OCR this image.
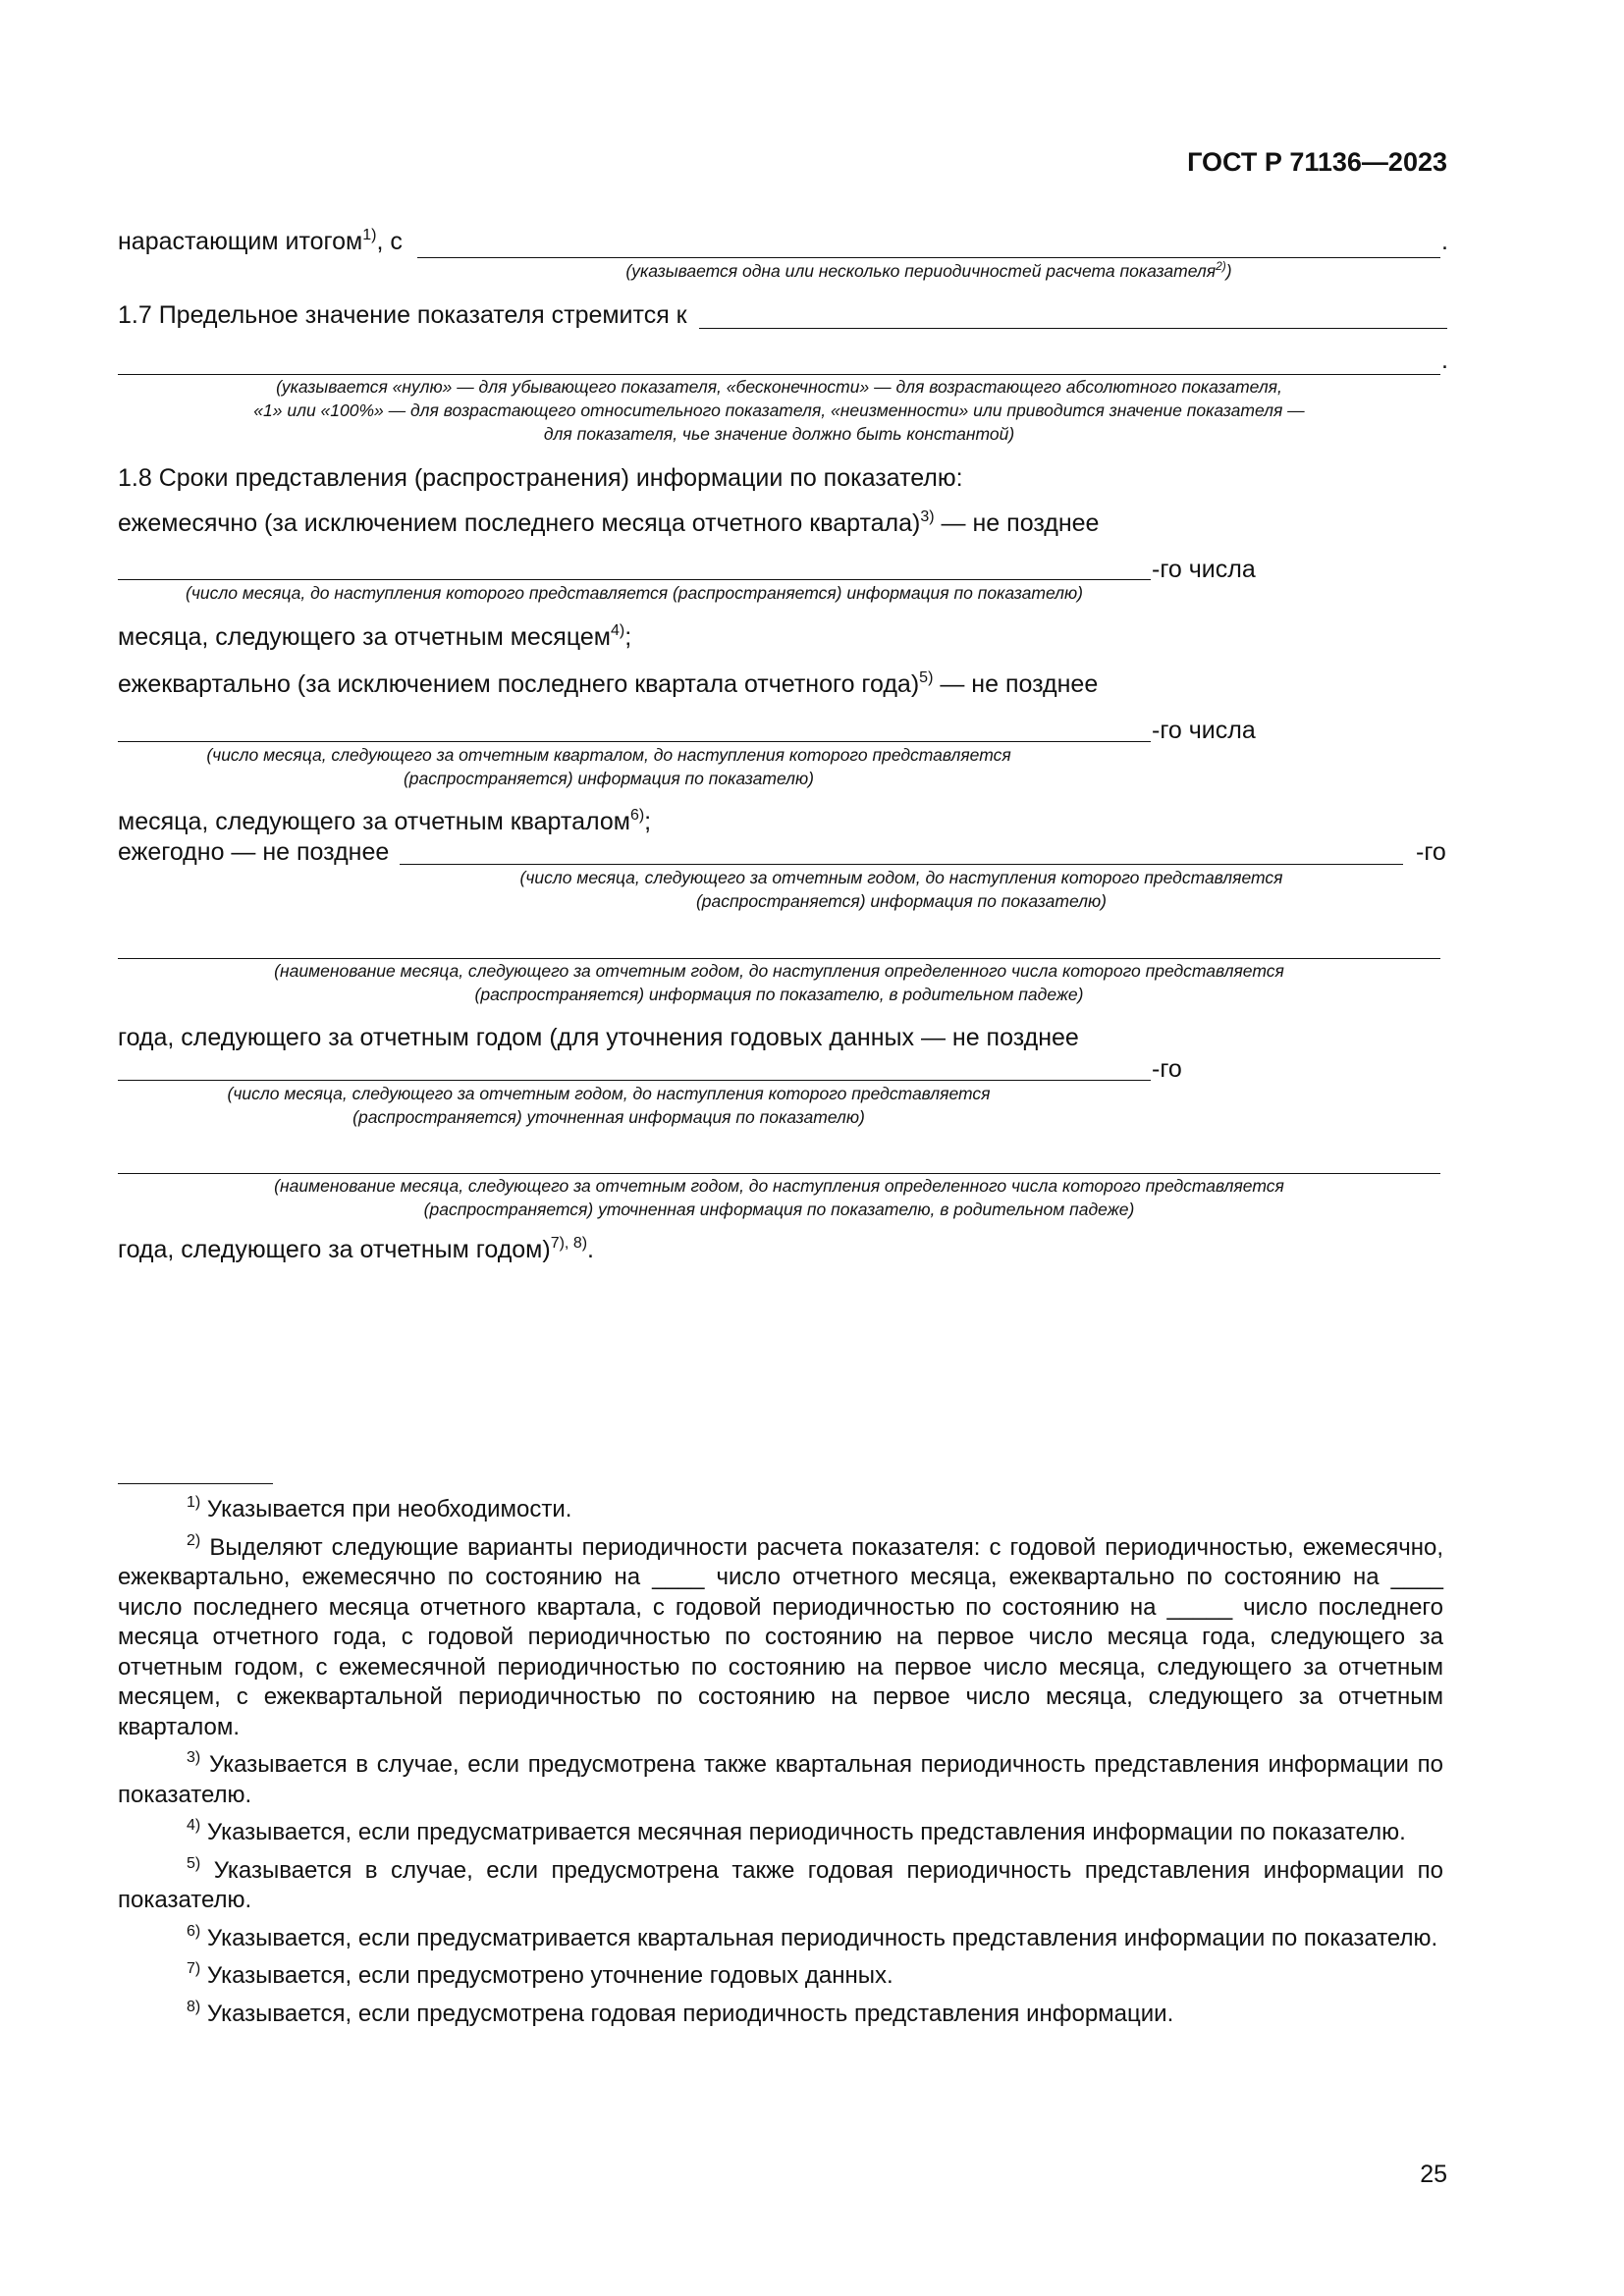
ГОСТ Р 71136—2023
нарастающим итогом$^{1)}$, с	.
(указывается одна или несколько периодичностей расчета показателя$^{2)}$)
1.7 Предельное значение показателя стремится к
.
(указывается «нулю» — для убывающего показателя, «бесконечности» — для возрастающего абсолютного показателя,
«1» или «100%» — для возрастающего относительного показателя, «неизменности» или приводится значение показателя —
для показателя, чье значение должно быть константой)
1.8 Сроки представления (распространения) информации по показателю:
ежемесячно (за исключением последнего месяца отчетного квартала)$^{3)}$ — не позднее
-го числа
(число месяца, до наступления которого представляется (распространяется) информация по показателю)
месяца, следующего за отчетным месяцем$^{4)}$;
ежеквартально (за исключением последнего квартала отчетного года)$^{5)}$ — не позднее
-го числа
(число месяца, следующего за отчетным кварталом, до наступления которого представляется
(распространяется) информация по показателю)
месяца, следующего за отчетным кварталом$^{6)}$;
ежегодно — не позднее	-го
(число месяца, следующего за отчетным годом, до наступления которого представляется
(распространяется) информация по показателю)
(наименование месяца, следующего за отчетным годом, до наступления определенного числа которого представляется
(распространяется) информация по показателю, в родительном падеже)
года, следующего за отчетным годом (для уточнения годовых данных — не позднее
-го
(число месяца, следующего за отчетным годом, до наступления которого представляется
(распространяется) уточненная информация по показателю)
(наименование месяца, следующего за отчетным годом, до наступления определенного числа которого представляется
(распространяется) уточненная информация по показателю, в родительном падеже)
года, следующего за отчетным годом)$^{7), 8)}$.

$^{1)}$ Указывается при необходимости.

$^{2)}$ Выделяют следующие варианты периодичности расчета показателя: с годовой периодичностью, ежемесячно, ежеквартально, ежемесячно по состоянию на ____ число отчетного месяца, ежеквартально по состоянию на ____ число последнего месяца отчетного квартала, с годовой периодичностью по состоянию на _____ число последнего месяца отчетного года, с годовой периодичностью по состоянию на первое число месяца года, следующего за отчетным годом, с ежемесячной периодичностью по состоянию на первое число месяца, следующего за отчетным месяцем, с ежеквартальной периодичностью по состоянию на первое число месяца, следующего за отчетным кварталом.

$^{3)}$ Указывается в случае, если предусмотрена также квартальная периодичность представления информации по показателю.

$^{4)}$ Указывается, если предусматривается месячная периодичность представления информации по показателю.

$^{5)}$ Указывается в случае, если предусмотрена также годовая периодичность представления информации по показателю.

$^{6)}$ Указывается, если предусматривается квартальная периодичность представления информации по показателю.

$^{7)}$ Указывается, если предусмотрено уточнение годовых данных.

$^{8)}$ Указывается, если предусмотрена годовая периодичность представления информации.

25
